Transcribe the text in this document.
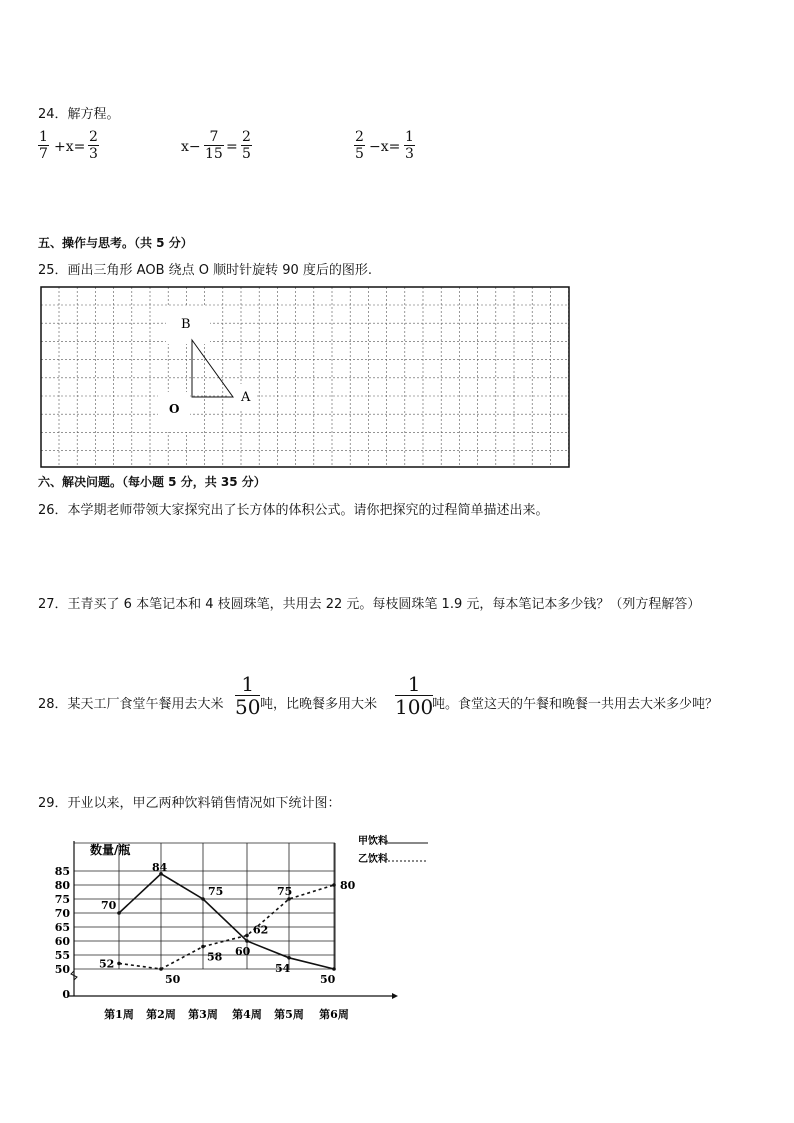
24．解方程。
1
7 +x=
2
3	x−
7
15 =
2
5
2
5 −x=
1
3
五、操作与思考。（共 5 分）
25．画出三角形 AOB 绕点 O 顺时针旋转 90 度后的图形.
B
A
O
六、解决问题。（每小题 5 分，共 35 分）
26．本学期老师带领大家探究出了长方体的体积公式。请你把探究的过程简单描述出来。
27．王青买了 6 本笔记本和 4 枝圆珠笔，共用去 22 元。每枝圆珠笔 1.9 元，每本笔记本多少钱？（列方程解答）
28．某天工厂食堂午餐用去大米
1
50 吨，比晚餐多用大米
1
100
吨。食堂这天的午餐和晚餐一共用去大米多少吨？
29．开业以来，甲乙两种饮料销售情况如下统计图：
数量/瓶
0
50
55
60
65
70
75
80
85
第1周 第2周 第3周 第4周 第5周 第6周
70
84
75
60
54
50
52
50
58
62
75	80
甲饮料
乙饮料
